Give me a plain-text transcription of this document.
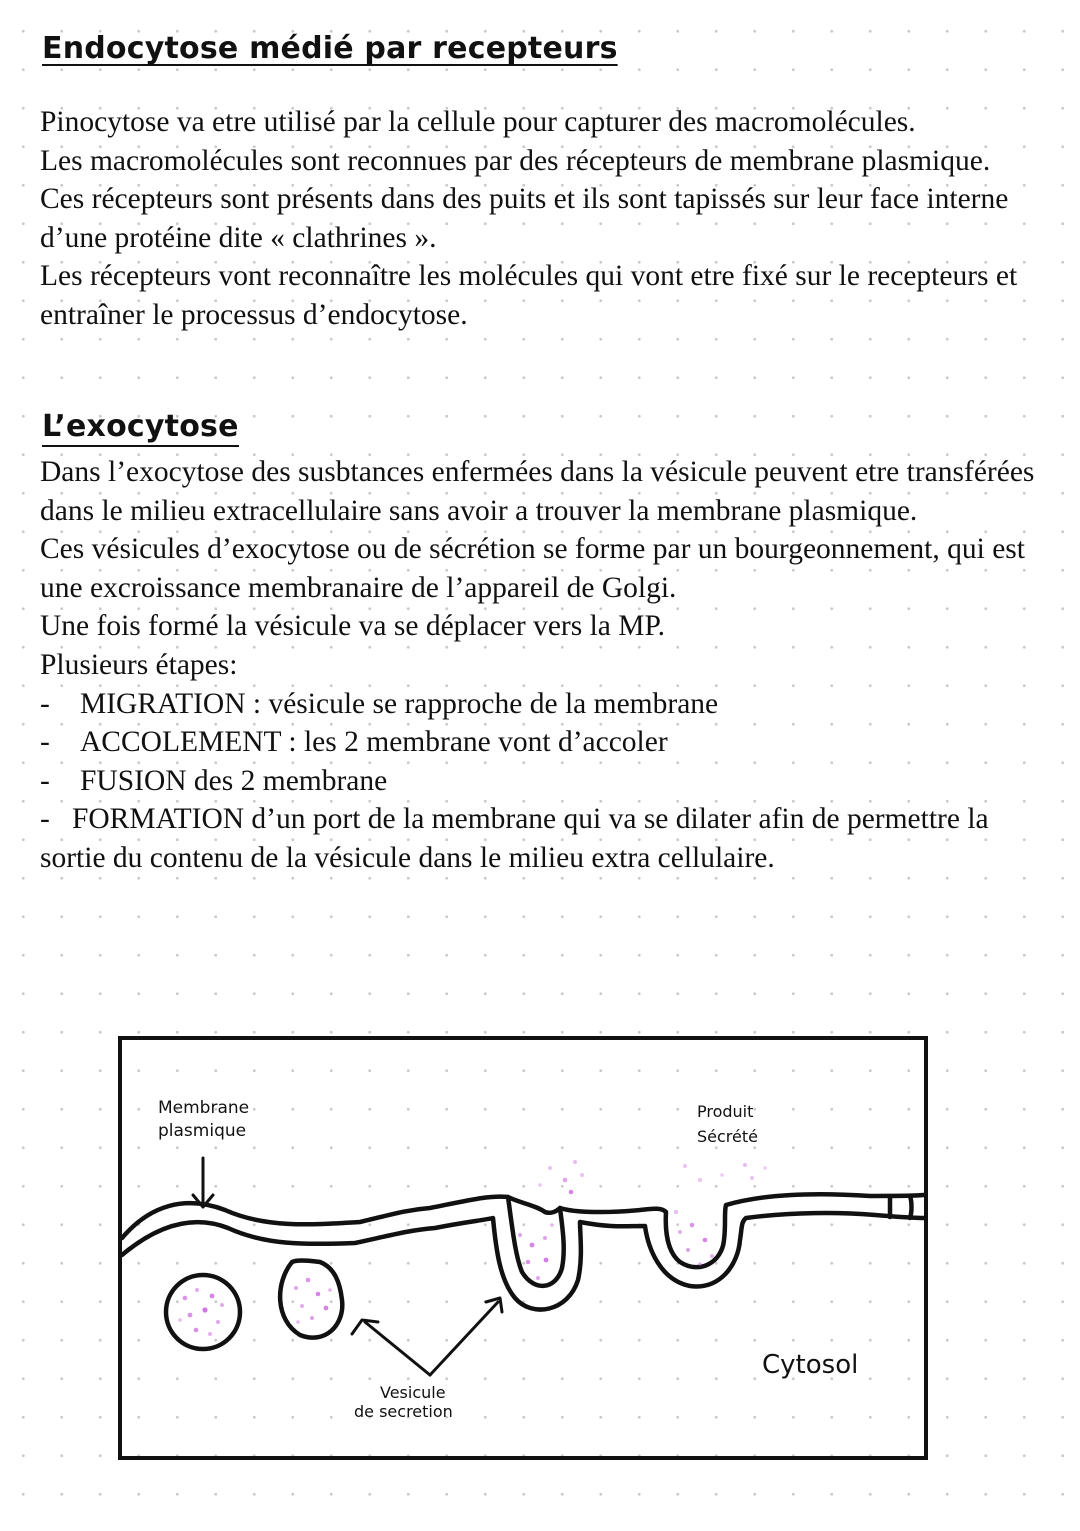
Endocytose médié par recepteurs

Pinocytose va etre utilisé par la cellule pour capturer des macromolécules.

Les macromolécules sont reconnues par des récepteurs de membrane plasmique.

Ces récepteurs sont présents dans des puits et ils sont tapissés sur leur face interne d’une protéine dite « clathrines ».

Les récepteurs vont reconnaître les molécules qui vont etre fixé sur le recepteurs et entraîner le processus d’endocytose.

L’exocytose

Dans l’exocytose des susbtances enfermées dans la vésicule peuvent etre transférées dans le milieu extracellulaire sans avoir a trouver la membrane plasmique.

Ces vésicules d’exocytose ou de sécrétion se forme par un bourgeonnement, qui est une excroissance membranaire de l’appareil de Golgi.

Une fois formé la vésicule va se déplacer vers la MP.

Plusieurs étapes:

- MIGRATION : vésicule se rapproche de la membrane
- ACCOLEMENT : les 2 membrane vont d’accoler
- FUSION des 2 membrane

- FORMATION d’un port de la membrane qui va se dilater afin de permettre la sortie du contenu de la vésicule dans le milieu extra cellulaire.

Membrane
plasmique
Produit
Sécrété
Vesicule
de secretion
Cytosol
